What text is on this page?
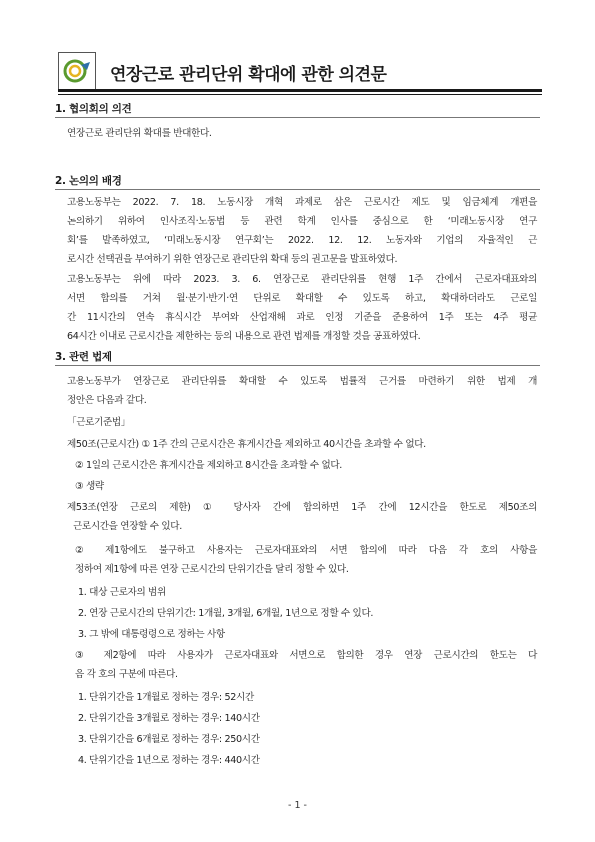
연장근로 관리단위 확대에 관한 의견문
1. 협의회의 의견
연장근로 관리단위 확대를 반대한다.
2. 논의의 배경
고용노동부는 2022. 7. 18. 노동시장 개혁 과제로 삼은 근로시간 제도 및 임금체계 개편을
논의하기 위하여 인사조직·노동법 등 관련 학계 인사를 중심으로 한 ‘미래노동시장 연구
회’를 발족하였고, ‘미래노동시장 연구회’는 2022. 12. 12. 노동자와 기업의 자율적인 근
로시간 선택권을 부여하기 위한 연장근로 관리단위 확대 등의 권고문을 발표하였다.
고용노동부는 위에 따라 2023. 3. 6. 연장근로 관리단위를 현행 1주 간에서 근로자대표와의
서면 합의를 거쳐 월·분기·반기·연 단위로 확대할 수 있도록 하고, 확대하더라도 근로일
간 11시간의 연속 휴식시간 부여와 산업재해 과로 인정 기준을 준용하여 1주 또는 4주 평균
64시간 이내로 근로시간을 제한하는 등의 내용으로 관련 법제를 개정할 것을 공표하였다.
3. 관련 법제
고용노동부가 연장근로 관리단위를 확대할 수 있도록 법률적 근거를 마련하기 위한 법제 개
정안은 다음과 같다.
「근로기준법」
제50조(근로시간) ① 1주 간의 근로시간은 휴게시간을 제외하고 40시간을 초과할 수 없다.
② 1일의 근로시간은 휴게시간을 제외하고 8시간을 초과할 수 없다.
③ 생략
제53조(연장 근로의 제한) ① 당사자 간에 합의하면 1주 간에 12시간을 한도로 제50조의
근로시간을 연장할 수 있다.
② 제1항에도 불구하고 사용자는 근로자대표와의 서면 합의에 따라 다음 각 호의 사항을
정하여 제1항에 따른 연장 근로시간의 단위기간을 달리 정할 수 있다.
1. 대상 근로자의 범위
2. 연장 근로시간의 단위기간: 1개월, 3개월, 6개월, 1년으로 정할 수 있다.
3. 그 밖에 대통령령으로 정하는 사항
③ 제2항에 따라 사용자가 근로자대표와 서면으로 합의한 경우 연장 근로시간의 한도는 다
음 각 호의 구분에 따른다.
1. 단위기간을 1개월로 정하는 경우: 52시간
2. 단위기간을 3개월로 정하는 경우: 140시간
3. 단위기간을 6개월로 정하는 경우: 250시간
4. 단위기간을 1년으로 정하는 경우: 440시간
- 1 -
